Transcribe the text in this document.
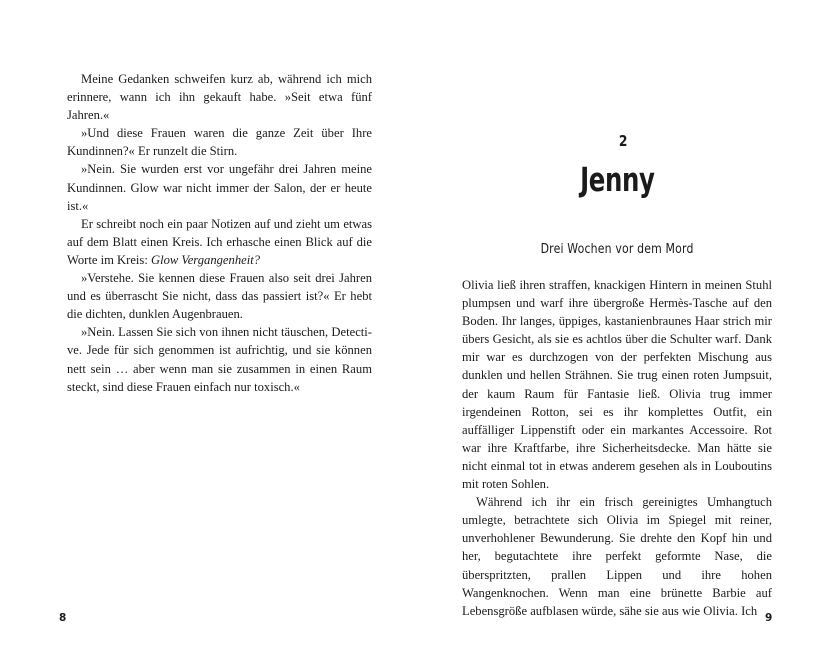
Meine Gedanken schweifen kurz ab, während ich mich erinnere, wann ich ihn gekauft habe. »Seit etwa fünf Jahren.«

»Und diese Frauen waren die ganze Zeit über Ihre Kundinnen?« Er runzelt die Stirn.

»Nein. Sie wurden erst vor ungefähr drei Jahren meine Kundinnen. Glow war nicht immer der Salon, der er heute ist.«

Er schreibt noch ein paar Notizen auf und zieht um etwas auf dem Blatt einen Kreis. Ich erhasche einen Blick auf die Worte im Kreis: Glow Vergangenheit?

»Verstehe. Sie kennen diese Frauen also seit drei Jahren und es überrascht Sie nicht, dass das passiert ist?« Er hebt die dichten, dunklen Augenbrauen.

»Nein. Lassen Sie sich von ihnen nicht täuschen, Detective. Jede für sich genommen ist aufrichtig, und sie können nett sein … aber wenn man sie zusammen in einen Raum steckt, sind diese Frauen einfach nur toxisch.«

8
2
Jenny
Drei Wochen vor dem Mord

Olivia ließ ihren straffen, knackigen Hintern in meinen Stuhl plumpsen und warf ihre übergroße Hermès-Tasche auf den Boden. Ihr langes, üppiges, kastanienbraunes Haar strich mir übers Gesicht, als sie es achtlos über die Schulter warf. Dank mir war es durchzogen von der perfekten Mischung aus dunklen und hellen Strähnen. Sie trug einen roten Jumpsuit, der kaum Raum für Fantasie ließ. Olivia trug immer irgendeinen Rotton, sei es ihr komplettes Outfit, ein auffälliger Lippenstift oder ein markantes Accessoire. Rot war ihre Kraftfarbe, ihre Sicherheitsdecke. Man hätte sie nicht einmal tot in etwas anderem gesehen als in Louboutins mit roten Sohlen.

Während ich ihr ein frisch gereinigtes Umhangtuch umlegte, betrachtete sich Olivia im Spiegel mit reiner, unverhohlener Bewunderung. Sie drehte den Kopf hin und her, begutachtete ihre perfekt geformte Nase, die überspritzten, prallen Lippen und ihre hohen Wangenknochen. Wenn man eine brünette Barbie auf Lebensgröße aufblasen würde, sähe sie aus wie Olivia. Ich

9
